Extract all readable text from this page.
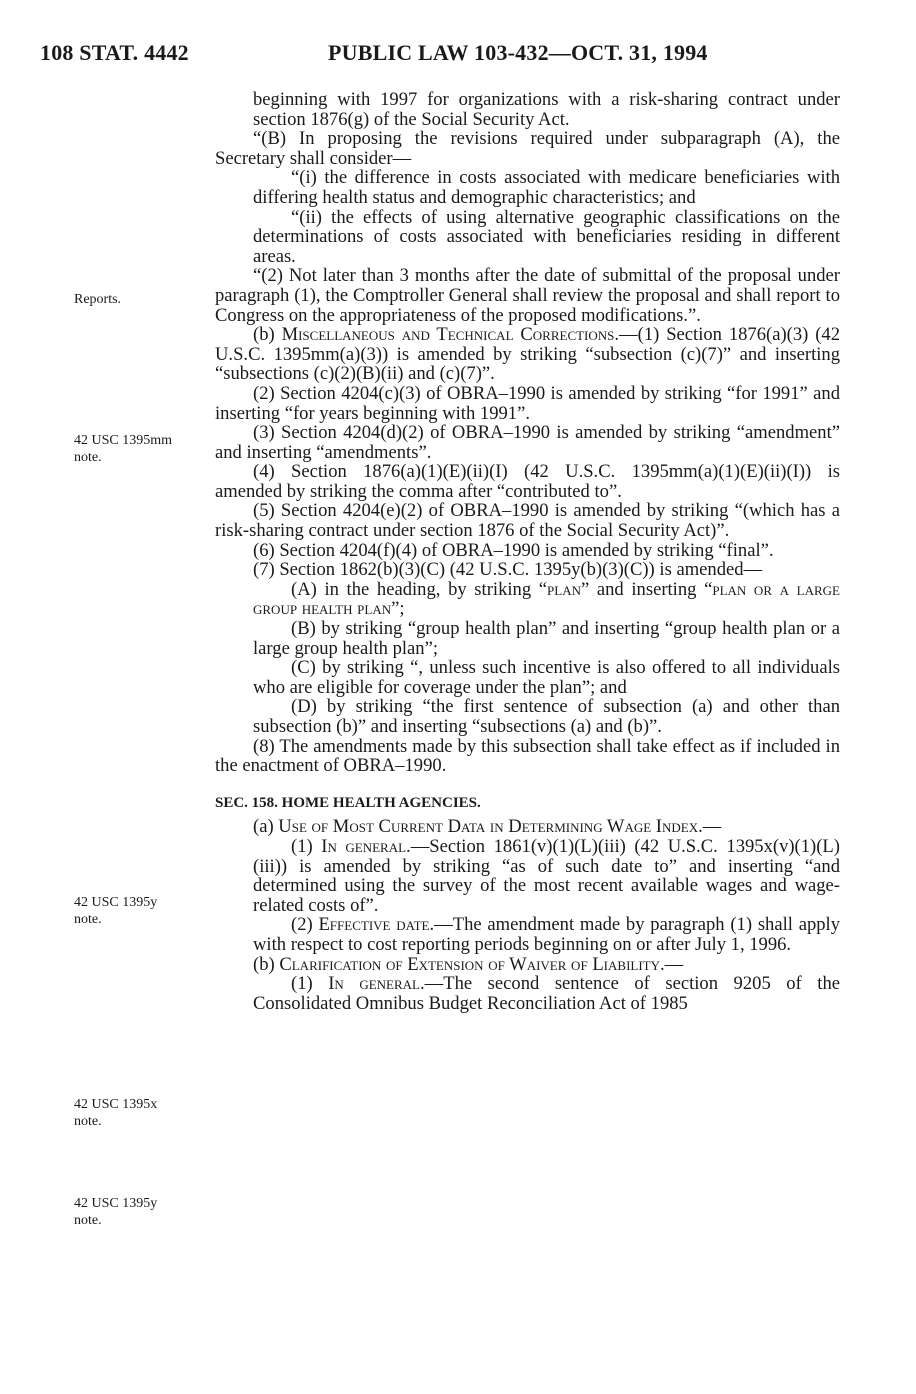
108 STAT. 4442	PUBLIC LAW 103-432—OCT. 31, 1994
Reports.
42 USC 1395mm
note.
42 USC 1395y
note.
42 USC 1395x
note.
42 USC 1395y
note.

beginning with 1997 for organizations with a risk-sharing contract under section 1876(g) of the Social Security Act.

“(B) In proposing the revisions required under subparagraph (A), the Secretary shall consider—

“(i) the difference in costs associated with medicare beneficiaries with differing health status and demographic characteristics; and

“(ii) the effects of using alternative geographic classifications on the determinations of costs associated with beneficiaries residing in different areas.

“(2) Not later than 3 months after the date of submittal of the proposal under paragraph (1), the Comptroller General shall review the proposal and shall report to Congress on the appropriateness of the proposed modifications.”.

(b) Miscellaneous and Technical Corrections.—(1) Section 1876(a)(3) (42 U.S.C. 1395mm(a)(3)) is amended by striking “subsection (c)(7)” and inserting “subsections (c)(2)(B)(ii) and (c)(7)”.

(2) Section 4204(c)(3) of OBRA–1990 is amended by striking “for 1991” and inserting “for years beginning with 1991”.

(3) Section 4204(d)(2) of OBRA–1990 is amended by striking “amendment” and inserting “amendments”.

(4) Section 1876(a)(1)(E)(ii)(I) (42 U.S.C. 1395mm(a)(1)(E)(ii)(I)) is amended by striking the comma after “contributed to”.

(5) Section 4204(e)(2) of OBRA–1990 is amended by striking “(which has a risk-sharing contract under section 1876 of the Social Security Act)”.

(6) Section 4204(f)(4) of OBRA–1990 is amended by striking “final”.

(7) Section 1862(b)(3)(C) (42 U.S.C. 1395y(b)(3)(C)) is amended—

(A) in the heading, by striking “plan” and inserting “plan or a large group health plan”;

(B) by striking “group health plan” and inserting “group health plan or a large group health plan”;

(C) by striking “, unless such incentive is also offered to all individuals who are eligible for coverage under the plan”; and

(D) by striking “the first sentence of subsection (a) and other than subsection (b)” and inserting “subsections (a) and (b)”.

(8) The amendments made by this subsection shall take effect as if included in the enactment of OBRA–1990.

SEC. 158. HOME HEALTH AGENCIES.

(a) Use of Most Current Data in Determining Wage Index.—

(1) In general.—Section 1861(v)(1)(L)(iii) (42 U.S.C. 1395x(v)(1)(L)(iii)) is amended by striking “as of such date to” and inserting “and determined using the survey of the most recent available wages and wage-related costs of”.

(2) Effective date.—The amendment made by paragraph (1) shall apply with respect to cost reporting periods beginning on or after July 1, 1996.

(b) Clarification of Extension of Waiver of Liability.—

(1) In general.—The second sentence of section 9205 of the Consolidated Omnibus Budget Reconciliation Act of 1985
